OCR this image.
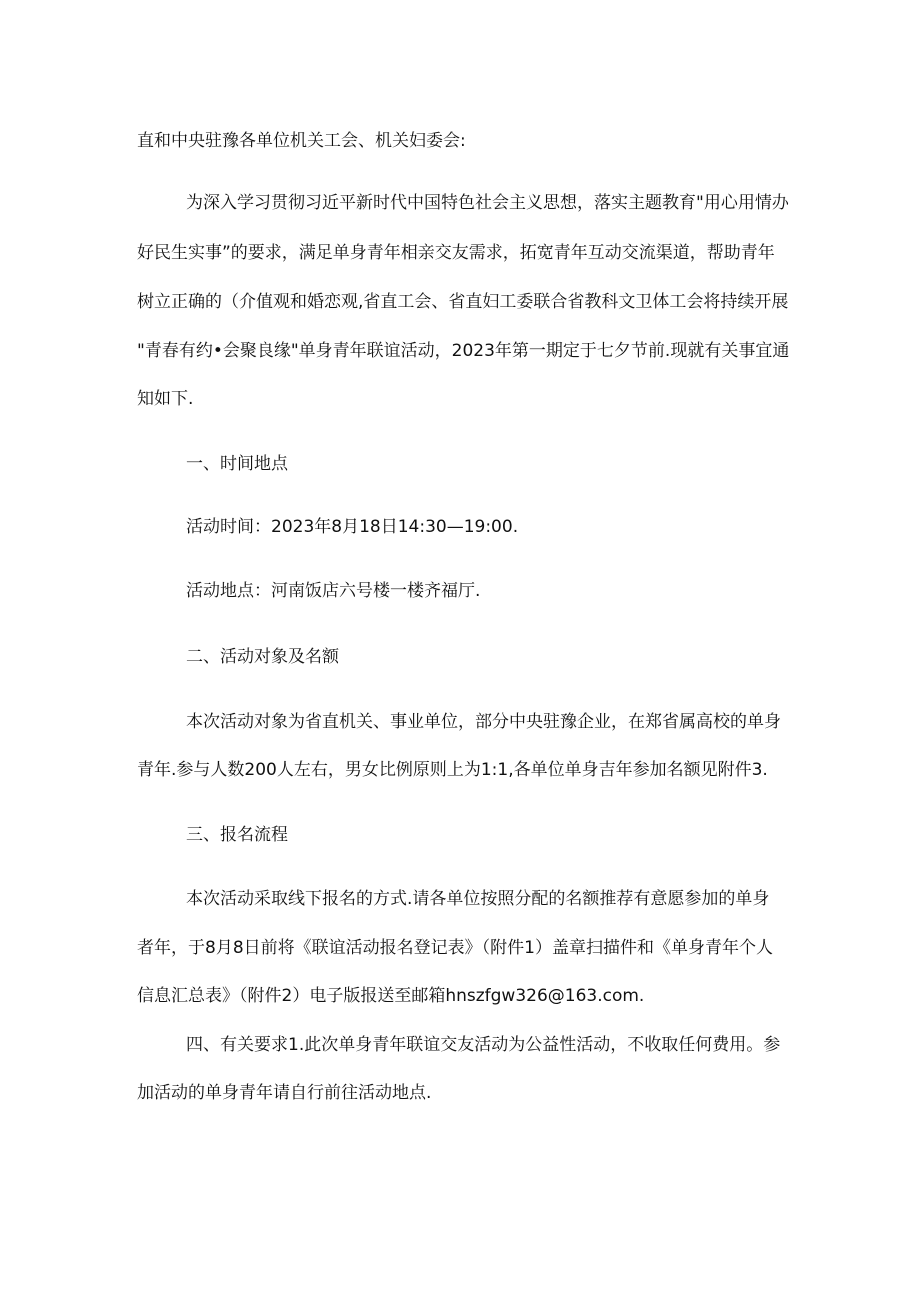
直和中央驻豫各单位机关工会、机关妇委会:
为深入学习贯彻习近平新时代中国特色社会主义思想，落实主题教育"用心用情办
好民生实事”的要求，满足单身青年相亲交友需求，拓宽青年互动交流渠道，帮助青年
树立正确的（介值观和婚恋观,省直工会、省直妇工委联合省教科文卫体工会将持续开展
"青春有约•会聚良缘"单身青年联谊活动，2023年第一期定于七夕节前.现就有关事宜通
知如下.
一、时间地点
活动时间：2023年8月18日14:30—19:00.
活动地点：河南饭店六号楼一楼齐福厅.
二、活动对象及名额
本次活动对象为省直机关、事业单位，部分中央驻豫企业，在郑省属高校的单身
青年.参与人数200人左右，男女比例原则上为1:1,各单位单身吉年参加名额见附件3.
三、报名流程
本次活动采取线下报名的方式.请各单位按照分配的名额推荐有意愿参加的单身
者年，于8月8日前将《联谊活动报名登记表》（附件1）盖章扫描件和《单身青年个人
信息汇总表》（附件2）电子版报送至邮箱hnszfgw326@163.com.
四、有关要求1.此次单身青年联谊交友活动为公益性活动，不收取任何费用。参
加活动的单身青年请自行前往活动地点.
